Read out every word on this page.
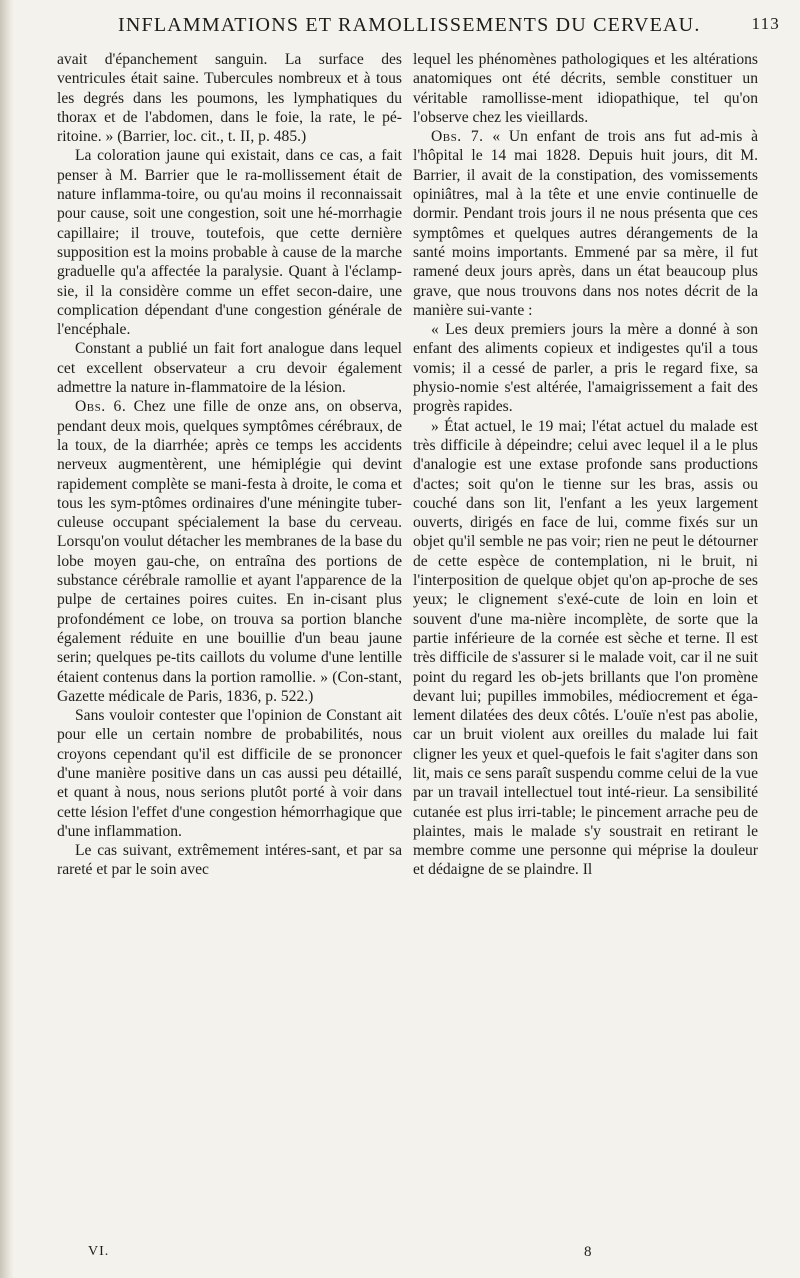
INFLAMMATIONS ET RAMOLLISSEMENTS DU CERVEAU.	113

avait d'épanchement sanguin. La surface des ventricules était saine. Tubercules nombreux et à tous les degrés dans les poumons, les lymphatiques du thorax et de l'abdomen, dans le foie, la rate, le pé-ritoine. » (Barrier, loc. cit., t. II, p. 485.)

La coloration jaune qui existait, dans ce cas, a fait penser à M. Barrier que le ra-mollissement était de nature inflamma-toire, ou qu'au moins il reconnaissait pour cause, soit une congestion, soit une hé-morrhagie capillaire; il trouve, toutefois, que cette dernière supposition est la moins probable à cause de la marche graduelle qu'a affectée la paralysie. Quant à l'éclamp-sie, il la considère comme un effet secon-daire, une complication dépendant d'une congestion générale de l'encéphale.

Constant a publié un fait fort analogue dans lequel cet excellent observateur a cru devoir également admettre la nature in-flammatoire de la lésion.

Obs. 6. Chez une fille de onze ans, on observa, pendant deux mois, quelques symptômes cérébraux, de la toux, de la diarrhée; après ce temps les accidents nerveux augmentèrent, une hémiplégie qui devint rapidement complète se mani-festa à droite, le coma et tous les sym-ptômes ordinaires d'une méningite tuber-culeuse occupant spécialement la base du cerveau. Lorsqu'on voulut détacher les membranes de la base du lobe moyen gau-che, on entraîna des portions de substance cérébrale ramollie et ayant l'apparence de la pulpe de certaines poires cuites. En in-cisant plus profondément ce lobe, on trouva sa portion blanche également réduite en une bouillie d'un beau jaune serin; quelques pe-tits caillots du volume d'une lentille étaient contenus dans la portion ramollie. » (Con-stant, Gazette médicale de Paris, 1836, p. 522.)

Sans vouloir contester que l'opinion de Constant ait pour elle un certain nombre de probabilités, nous croyons cependant qu'il est difficile de se prononcer d'une manière positive dans un cas aussi peu détaillé, et quant à nous, nous serions plutôt porté à voir dans cette lésion l'effet d'une congestion hémorrhagique que d'une inflammation.

Le cas suivant, extrêmement intéres-sant, et par sa rareté et par le soin avec

lequel les phénomènes pathologiques et les altérations anatomiques ont été décrits, semble constituer un véritable ramollisse-ment idiopathique, tel qu'on l'observe chez les vieillards.

Obs. 7. « Un enfant de trois ans fut ad-mis à l'hôpital le 14 mai 1828. Depuis huit jours, dit M. Barrier, il avait de la constipation, des vomissements opiniâtres, mal à la tête et une envie continuelle de dormir. Pendant trois jours il ne nous présenta que ces symptômes et quelques autres dérangements de la santé moins importants. Emmené par sa mère, il fut ramené deux jours après, dans un état beaucoup plus grave, que nous trouvons dans nos notes décrit de la manière sui-vante :

« Les deux premiers jours la mère a donné à son enfant des aliments copieux et indigestes qu'il a tous vomis; il a cessé de parler, a pris le regard fixe, sa physio-nomie s'est altérée, l'amaigrissement a fait des progrès rapides.

» État actuel, le 19 mai; l'état actuel du malade est très difficile à dépeindre; celui avec lequel il a le plus d'analogie est une extase profonde sans productions d'actes; soit qu'on le tienne sur les bras, assis ou couché dans son lit, l'enfant a les yeux largement ouverts, dirigés en face de lui, comme fixés sur un objet qu'il semble ne pas voir; rien ne peut le détourner de cette espèce de contemplation, ni le bruit, ni l'interposition de quelque objet qu'on ap-proche de ses yeux; le clignement s'exé-cute de loin en loin et souvent d'une ma-nière incomplète, de sorte que la partie inférieure de la cornée est sèche et terne. Il est très difficile de s'assurer si le malade voit, car il ne suit point du regard les ob-jets brillants que l'on promène devant lui; pupilles immobiles, médiocrement et éga-lement dilatées des deux côtés. L'ouïe n'est pas abolie, car un bruit violent aux oreilles du malade lui fait cligner les yeux et quel-quefois le fait s'agiter dans son lit, mais ce sens paraît suspendu comme celui de la vue par un travail intellectuel tout inté-rieur. La sensibilité cutanée est plus irri-table; le pincement arrache peu de plaintes, mais le malade s'y soustrait en retirant le membre comme une personne qui méprise la douleur et dédaigne de se plaindre. Il

VI.	8
